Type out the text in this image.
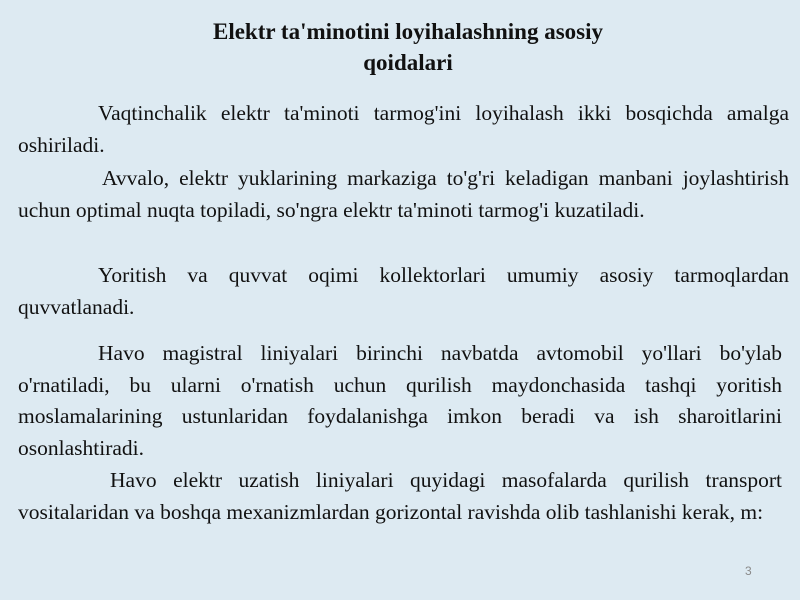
Elektr ta'minotini loyihalashning asosiy
qoidalari

Vaqtinchalik elektr ta'minoti tarmog'ini loyihalash ikki bosqichda amalga oshiriladi.

Avvalo, elektr yuklarining markaziga to'g'ri keladigan manbani joylashtirish uchun optimal nuqta topiladi, so'ngra elektr ta'minoti tarmog'i kuzatiladi.

Yoritish va quvvat oqimi kollektorlari umumiy asosiy tarmoqlardan quvvatlanadi.

Havo magistral liniyalari birinchi navbatda avtomobil yo'llari bo'ylab o'rnatiladi, bu ularni o'rnatish uchun qurilish maydonchasida tashqi yoritish moslamalarining ustunlaridan foydalanishga imkon beradi va ish sharoitlarini osonlashtiradi.

Havo elektr uzatish liniyalari quyidagi masofalarda qurilish transport vositalaridan va boshqa mexanizmlardan gorizontal ravishda olib tashlanishi kerak, m:

3
